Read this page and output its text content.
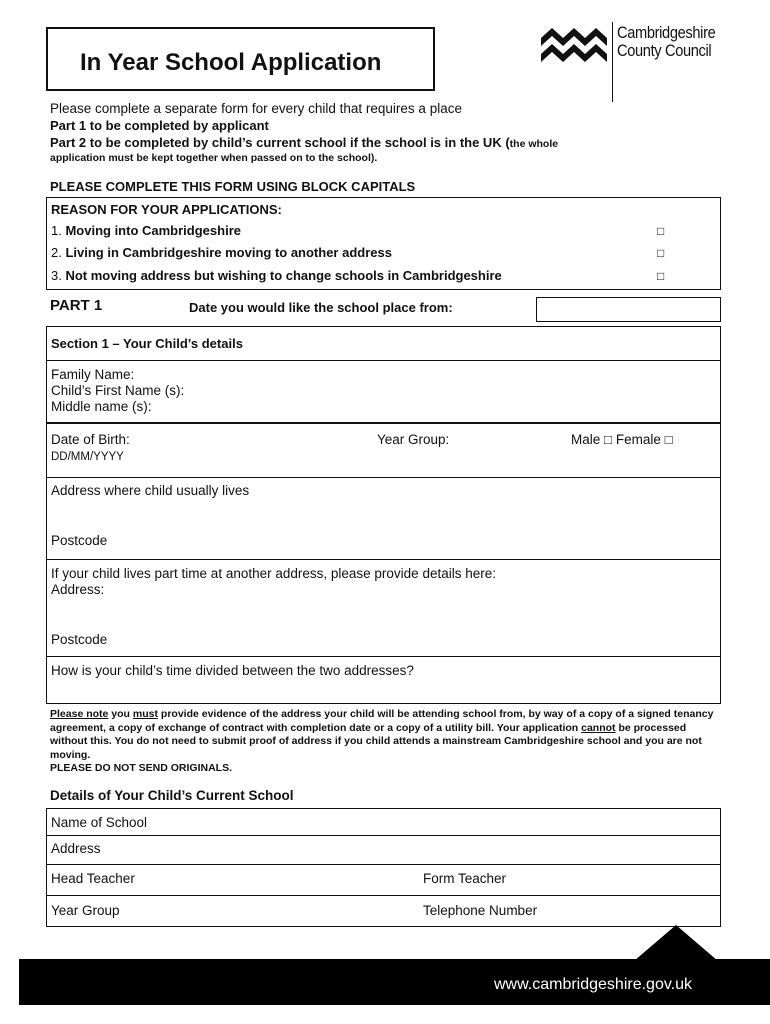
In Year School Application
Cambridgeshire
County Council
Please complete a separate form for every child that requires a place
Part 1 to be completed by applicant
Part 2 to be completed by child’s current school if the school is in the UK (the whole
application must be kept together when passed on to the school).
PLEASE COMPLETE THIS FORM USING BLOCK CAPITALS
REASON FOR YOUR APPLICATIONS:
1. Moving into Cambridgeshire	□
2. Living in Cambridgeshire moving to another address	□
3. Not moving address but wishing to change schools in Cambridgeshire	□
PART 1	Date you would like the school place from:
Section 1 – Your Child’s details
Family Name:
Child’s First Name (s):
Middle name (s):
Date of Birth:
DD/MM/YYYY
Year Group:	Male □ Female □
Address where child usually lives
Postcode
If your child lives part time at another address, please provide details here:
Address:
Postcode
How is your child’s time divided between the two addresses?
Please note you must provide evidence of the address your child will be attending school from, by way of a copy of a signed tenancy agreement, a copy of exchange of contract with completion date or a copy of a utility bill. Your application cannot be processed without this. You do not need to submit proof of address if you child attends a mainstream Cambridgeshire school and you are not moving.
PLEASE DO NOT SEND ORIGINALS.
Details of Your Child’s Current School
Name of School
Address
Head Teacher	Form Teacher
Year Group	Telephone Number
www.cambridgeshire.gov.uk
